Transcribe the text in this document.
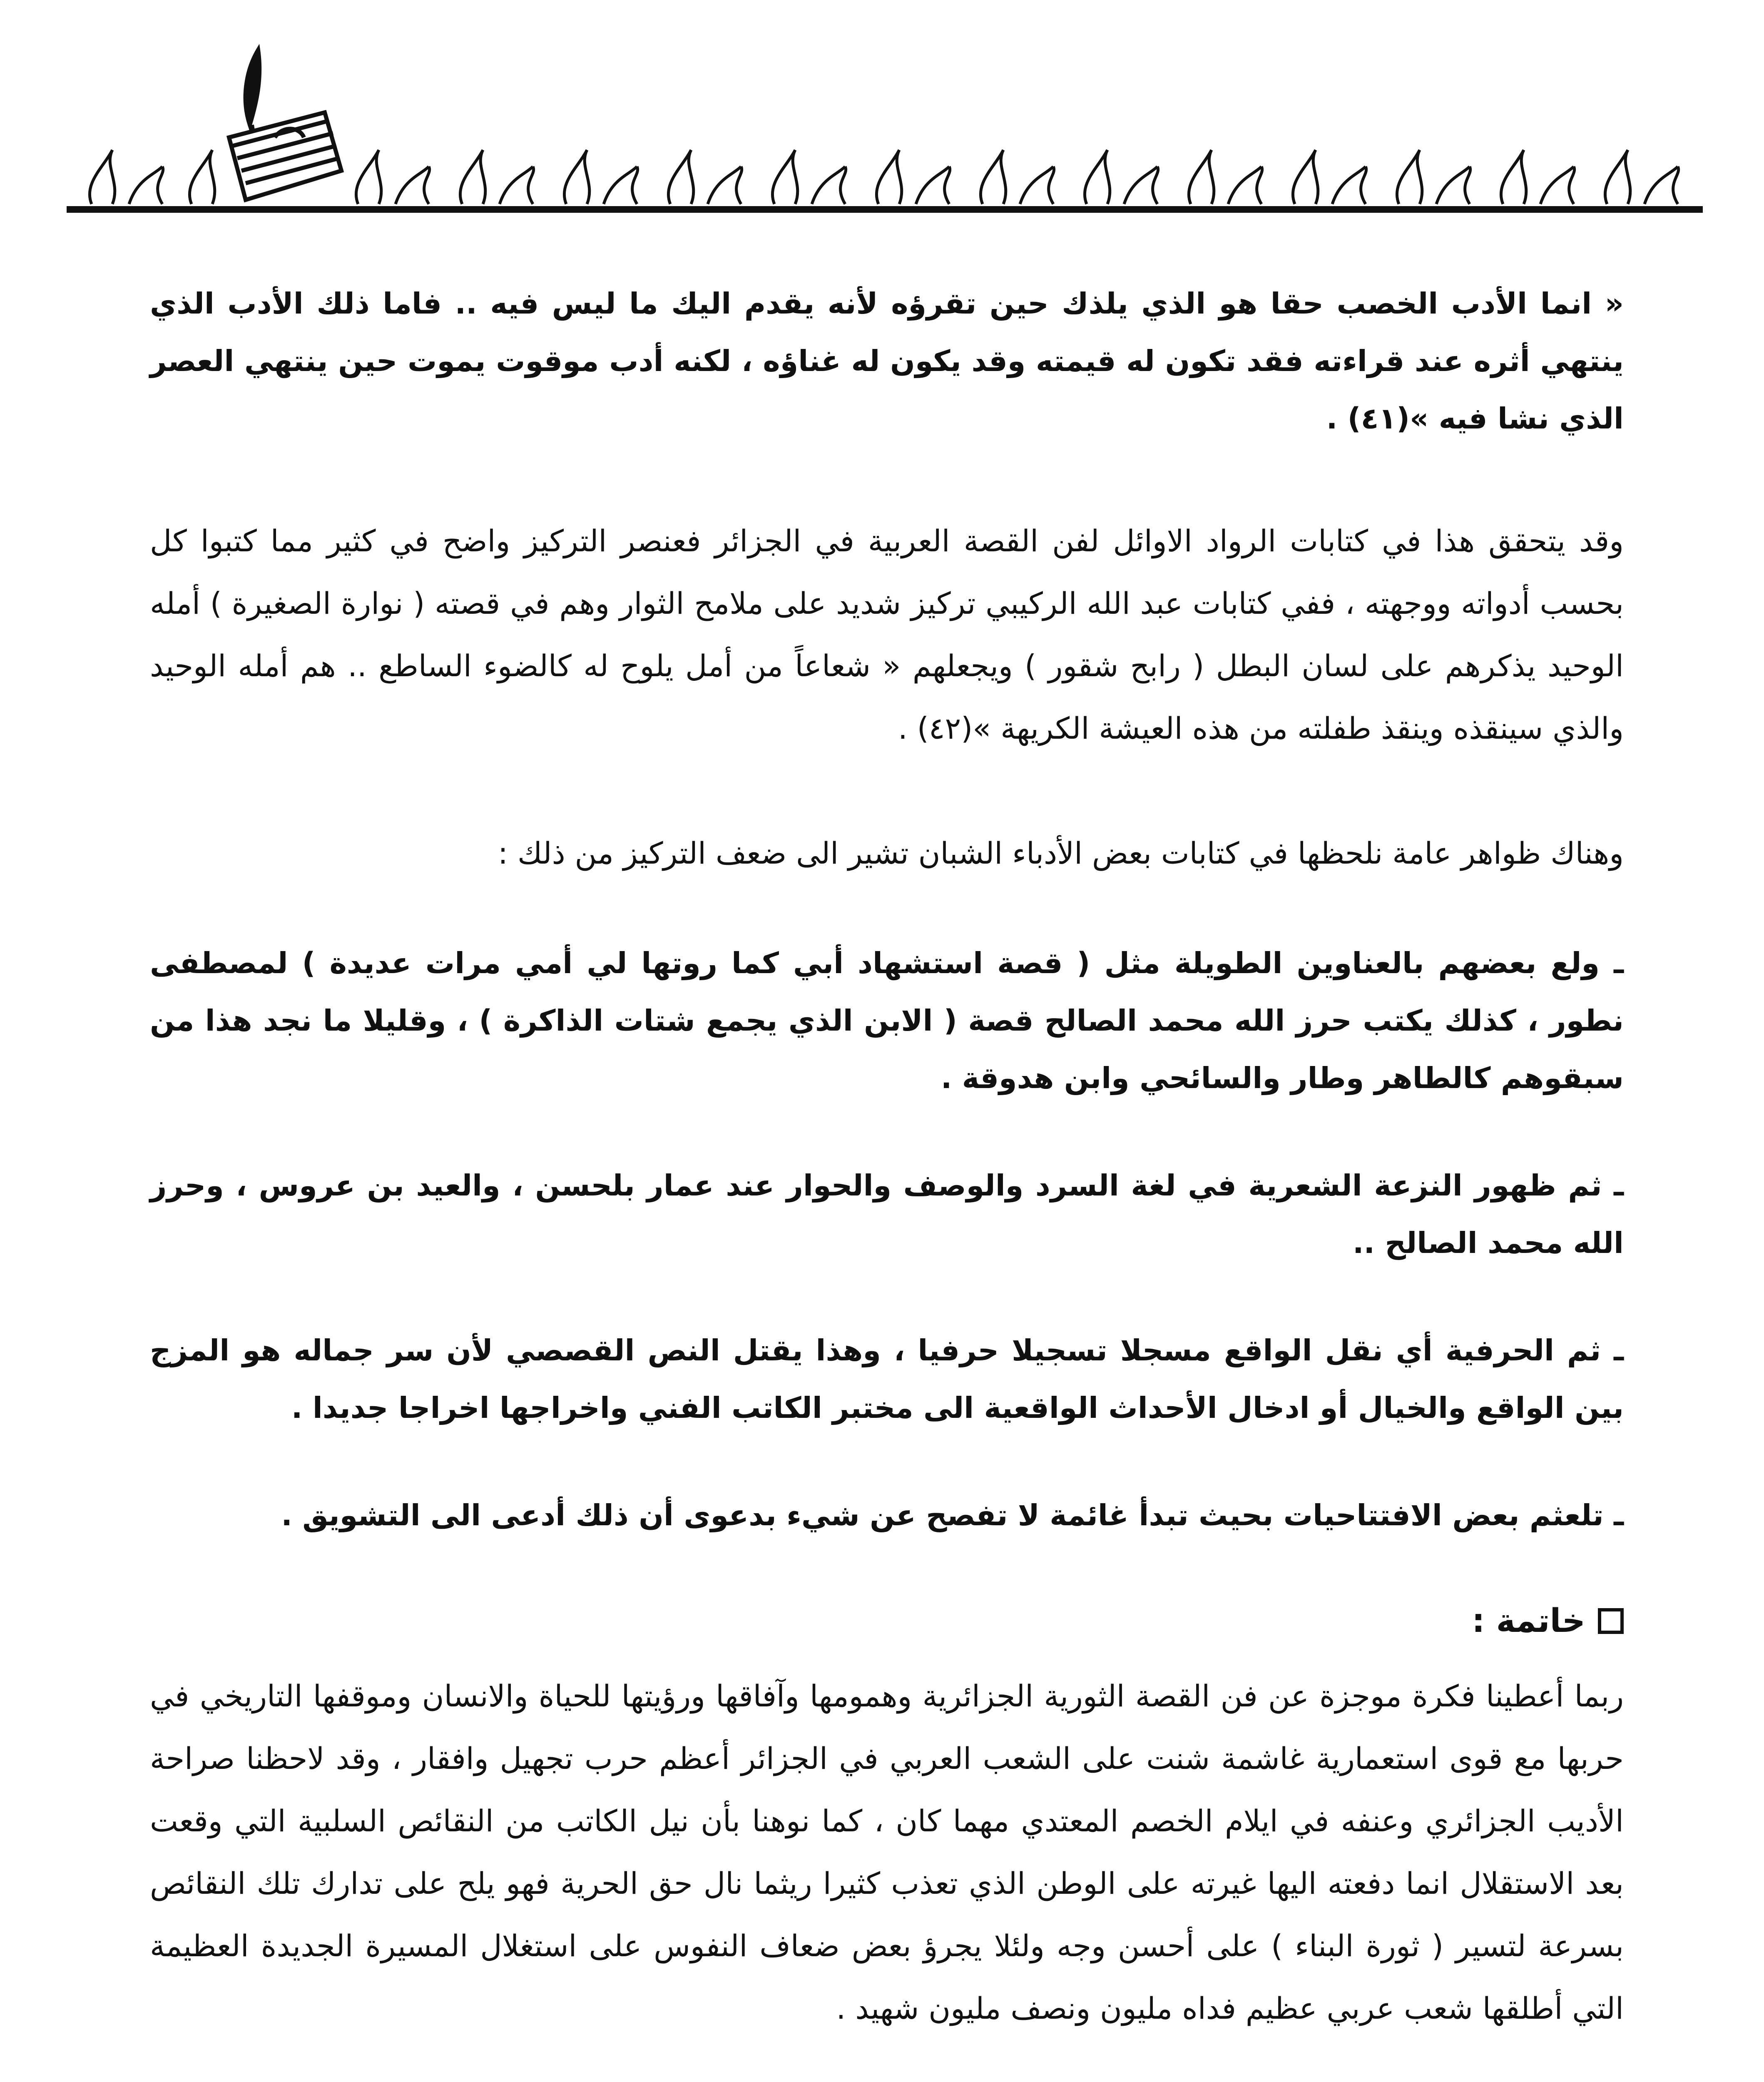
« انما الأدب الخصب حقا هو الذي يلذك حين تقرؤه لأنه يقدم اليك ما ليس فيه .. فاما ذلك الأدب الذي ينتهي أثره عند قراءته فقد تكون له قيمته وقد يكون له غناؤه ، لكنه أدب موقوت يموت حين ينتهي العصر الذي نشا فيه »(٤١) .

وقد يتحقق هذا في كتابات الرواد الاوائل لفن القصة العربية في الجزائر فعنصر التركيز واضح في كثير مما كتبوا كل بحسب أدواته ووجهته ، ففي كتابات عبد الله الركيبي تركيز شديد على ملامح الثوار وهم في قصته ( نوارة الصغيرة ) أمله الوحيد يذكرهم على لسان البطل ( رابح شقور ) ويجعلهم « شعاعاً من أمل يلوح له كالضوء الساطع .. هم أمله الوحيد والذي سينقذه وينقذ طفلته من هذه العيشة الكريهة »(٤٢) .

وهناك ظواهر عامة نلحظها في كتابات بعض الأدباء الشبان تشير الى ضعف التركيز من ذلك :

ـ ولع بعضهم بالعناوين الطويلة مثل ( قصة استشهاد أبي كما روتها لي أمي مرات عديدة ) لمصطفى نطور ، كذلك يكتب حرز الله محمد الصالح قصة ( الابن الذي يجمع شتات الذاكرة ) ، وقليلا ما نجد هذا من سبقوهم كالطاهر وطار والسائحي وابن هدوقة .

ـ ثم ظهور النزعة الشعرية في لغة السرد والوصف والحوار عند عمار بلحسن ، والعيد بن عروس ، وحرز الله محمد الصالح ..

ـ ثم الحرفية أي نقل الواقع مسجلا تسجيلا حرفيا ، وهذا يقتل النص القصصي لأن سر جماله هو المزج بين الواقع والخيال أو ادخال الأحداث الواقعية الى مختبر الكاتب الفني واخراجها اخراجا جديدا .

ـ تلعثم بعض الافتتاحيات بحيث تبدأ غائمة لا تفصح عن شيء بدعوى أن ذلك أدعى الى التشويق .

خاتمة :

ربما أعطينا فكرة موجزة عن فن القصة الثورية الجزائرية وهمومها وآفاقها ورؤيتها للحياة والانسان وموقفها التاريخي في حربها مع قوى استعمارية غاشمة شنت على الشعب العربي في الجزائر أعظم حرب تجهيل وافقار ، وقد لاحظنا صراحة الأديب الجزائري وعنفه في ايلام الخصم المعتدي مهما كان ، كما نوهنا بأن نيل الكاتب من النقائص السلبية التي وقعت بعد الاستقلال انما دفعته اليها غيرته على الوطن الذي تعذب كثيرا ريثما نال حق الحرية فهو يلح على تدارك تلك النقائص بسرعة لتسير ( ثورة البناء ) على أحسن وجه ولئلا يجرؤ بعض ضعاف النفوس على استغلال المسيرة الجديدة العظيمة التي أطلقها شعب عربي عظيم فداه مليون ونصف مليون شهيد .
